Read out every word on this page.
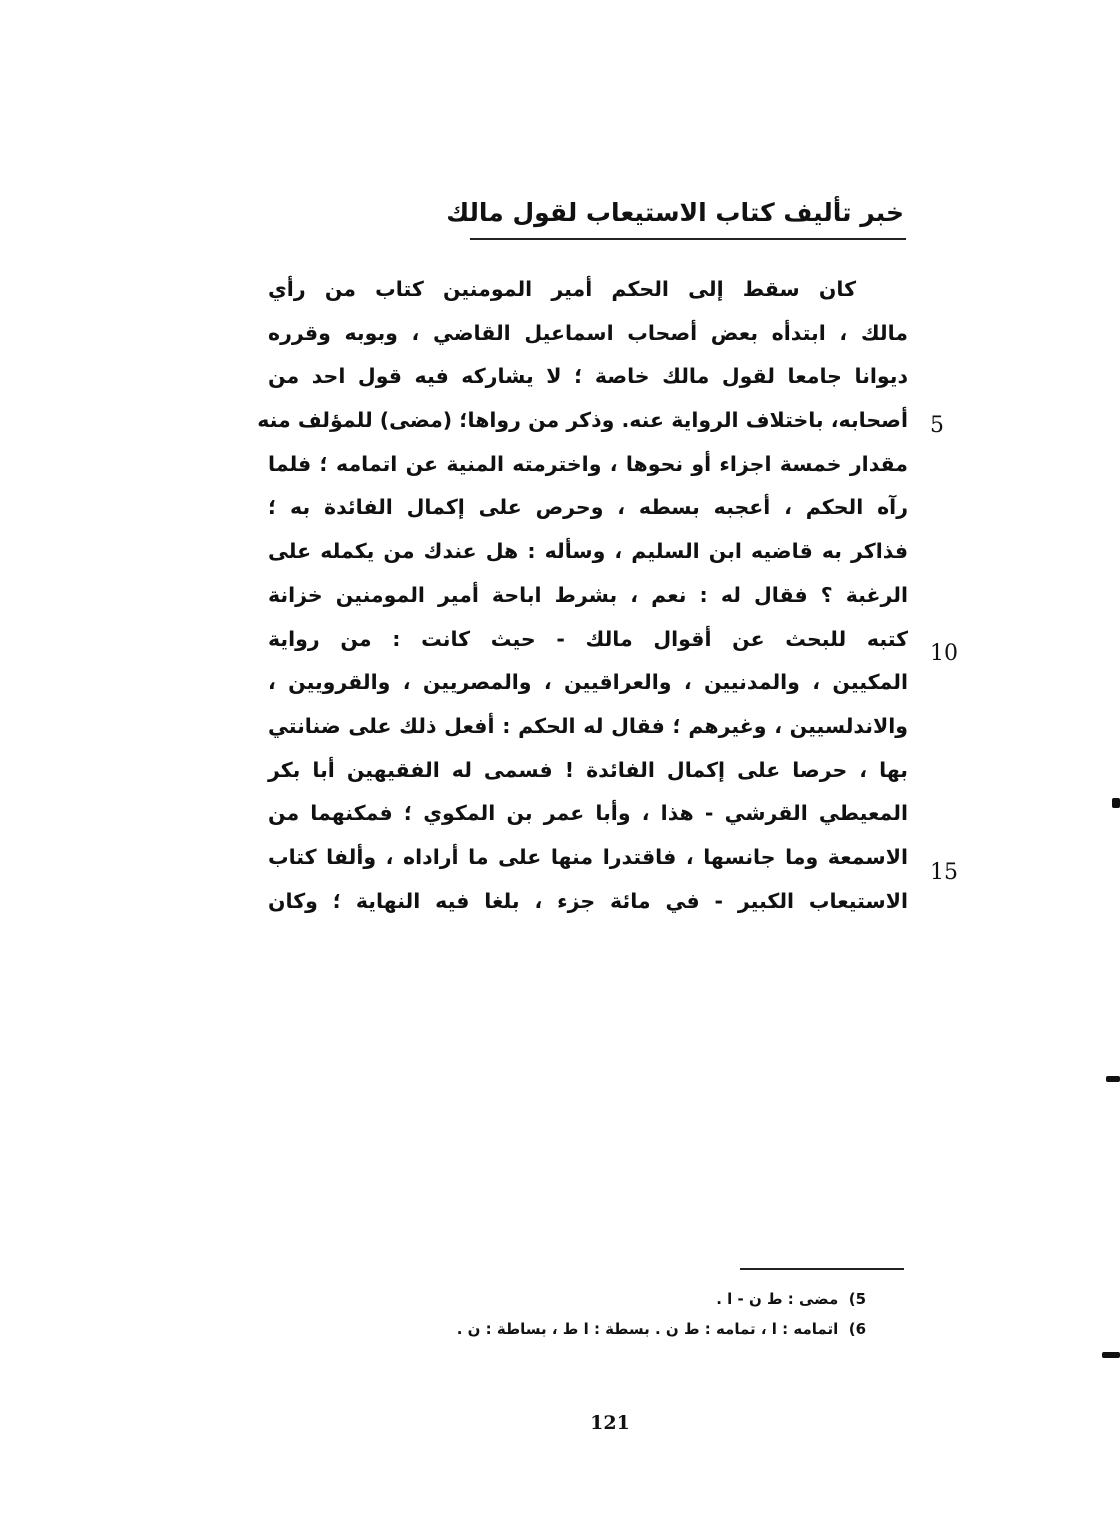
خبر تأليف كتاب الاستيعاب لقول مالك
كان سقط إلى الحكم أمير المومنين كتاب من رأي
مالك ، ابتدأه بعض أصحاب اسماعيل القاضي ، وبوبه وقرره
ديوانا جامعا لقول مالك خاصة ؛ لا يشاركه فيه قول احد من
أصحابه، باختلاف الرواية عنه. وذكر من رواها؛ (مضى) للمؤلف منه
مقدار خمسة اجزاء أو نحوها ، واخترمته المنية عن اتمامه ؛ فلما
رآه الحكم ، أعجبه بسطه ، وحرص على إكمال الفائدة به ؛
فذاكر به قاضيه ابن السليم ، وسأله : هل عندك من يكمله على
الرغبة ؟ فقال له : نعم ، بشرط اباحة أمير المومنين خزانة
كتبه للبحث عن أقوال مالك - حيث كانت : من رواية
المكيين ، والمدنيين ، والعراقيين ، والمصريين ، والقرويين ،
والاندلسيين ، وغيرهم ؛ فقال له الحكم : أفعل ذلك على ضنانتي
بها ، حرصا على إكمال الفائدة ! فسمى له الفقيهين أبا بكر
المعيطي القرشي - هذا ، وأبا عمر بن المكوي ؛ فمكنهما من
الاسمعة وما جانسها ، فاقتدرا منها على ما أراداه ، وألفا كتاب
الاستيعاب الكبير - في مائة جزء ، بلغا فيه النهاية ؛ وكان
5
10
15
5)  مضى : ط ن - ا .
6)  اتمامه : ا ، تمامه : ط ن . بسطة : ا ط ، بساطة : ن .
121
